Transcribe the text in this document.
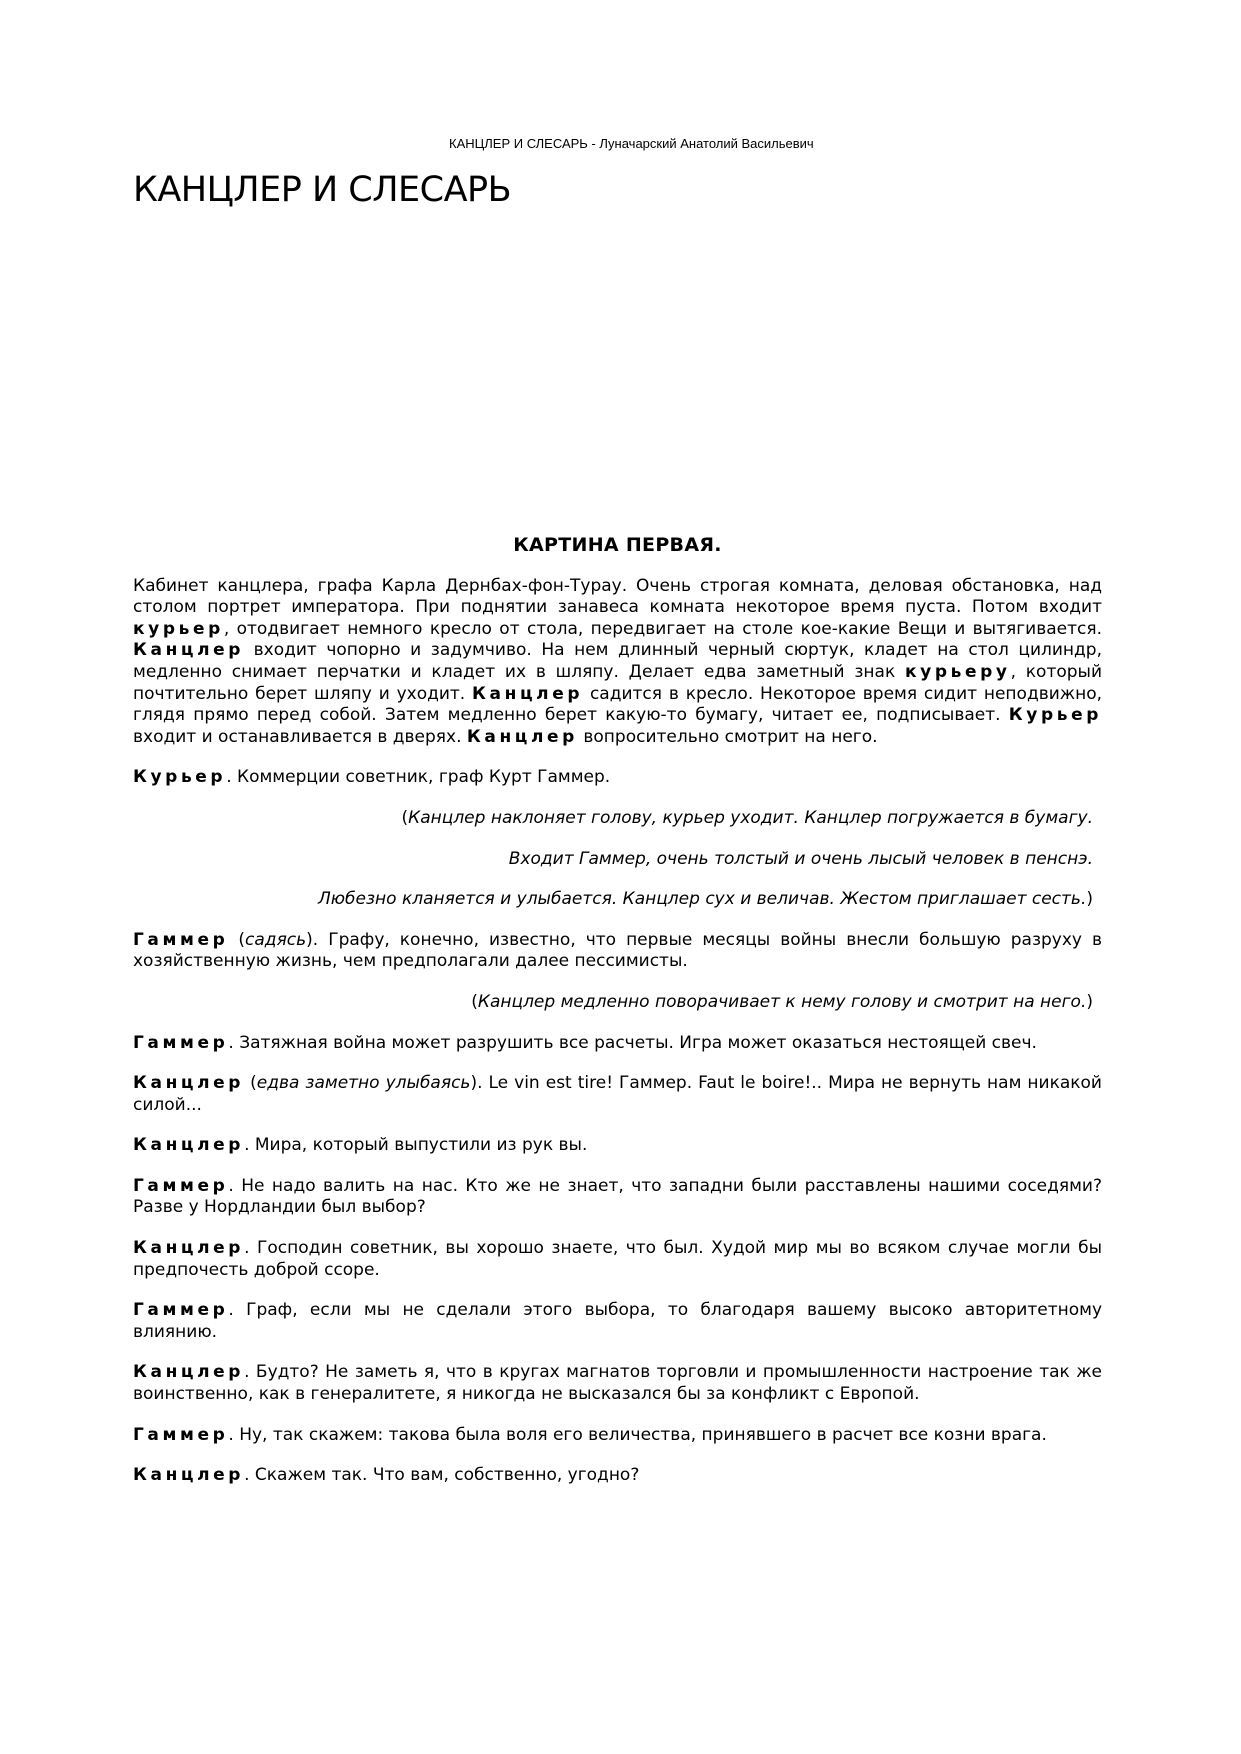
КАНЦЛЕР И СЛЕСАРЬ - Луначарский Анатолий Васильевич
КАНЦЛЕР И СЛЕСАРЬ
КАРТИНА ПЕРВАЯ.

Кабинет канцлера, графа Карла Дернбах-фон-Турау. Очень строгая комната, деловая обстановка, над столом портрет императора. При поднятии занавеса комната некоторое время пуста. Потом входит курьер, отодвигает немного кресло от стола, передвигает на столе кое-какие Вещи и вытягивается. Канцлер входит чопорно и задумчиво. На нем длинный черный сюртук, кладет на стол цилиндр, медленно снимает перчатки и кладет их в шляпу. Делает едва заметный знак курьеру, который почтительно берет шляпу и уходит. Канцлер садится в кресло. Некоторое время сидит неподвижно, глядя прямо перед собой. Затем медленно берет какую-то бумагу, читает ее, подписывает. Курьер входит и останавливается в дверях. Канцлер вопросительно смотрит на него.

Курьер. Коммерции советник, граф Курт Гаммер.

(Канцлер наклоняет голову, курьер уходит. Канцлер погружается в бумагу.

Входит Гаммер, очень толстый и очень лысый человек в пенснэ.

Любезно кланяется и улыбается. Канцлер сух и величав. Жестом приглашает сесть.)

Гаммер (садясь). Графу, конечно, известно, что первые месяцы войны внесли большую разруху в хозяйственную жизнь, чем предполагали далее пессимисты.

(Канцлер медленно поворачивает к нему голову и смотрит на него.)

Гаммер. Затяжная война может разрушить все расчеты. Игра может оказаться нестоящей свеч.

Канцлер (едва заметно улыбаясь). Le vin est tire! Гаммер. Faut le boire!.. Мира не вернуть нам никакой силой...

Канцлер. Мира, который выпустили из рук вы.

Гаммер. Не надо валить на нас. Кто же не знает, что западни были расставлены нашими соседями? Разве у Нордландии был выбор?

Канцлер. Господин советник, вы хорошо знаете, что был. Худой мир мы во всяком случае могли бы предпочесть доброй ссоре.

Гаммер. Граф, если мы не сделали этого выбора, то благодаря вашему высоко авторитетному влиянию.

Канцлер. Будто? Не заметь я, что в кругах магнатов торговли и промышленности настроение так же воинственно, как в генералитете, я никогда не высказался бы за конфликт с Европой.

Гаммер. Ну, так скажем: такова была воля его величества, принявшего в расчет все козни врага.

Канцлер. Скажем так. Что вам, собственно, угодно?
